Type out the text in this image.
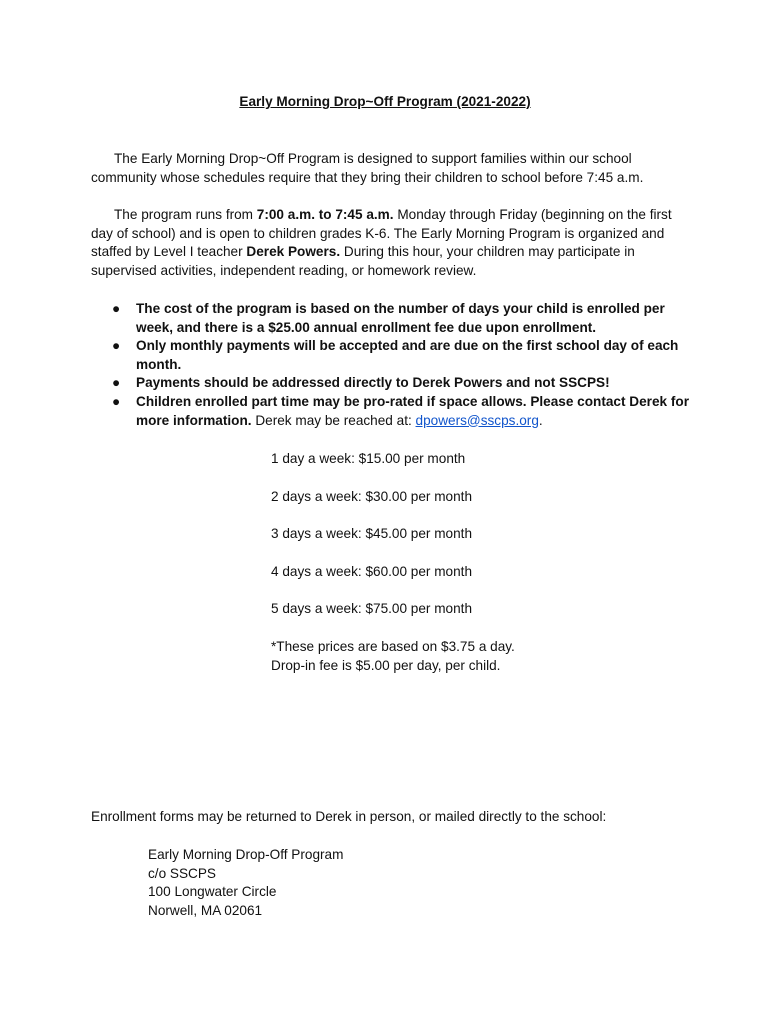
Early Morning Drop~Off Program (2021-2022)

The Early Morning Drop~Off Program is designed to support families within our school community whose schedules require that they bring their children to school before 7:45 a.m.

The program runs from 7:00 a.m. to 7:45 a.m. Monday through Friday (beginning on the first day of school) and is open to children grades K-6. The Early Morning Program is organized and staffed by Level I teacher Derek Powers. During this hour, your children may participate in supervised activities, independent reading, or homework review.

● The cost of the program is based on the number of days your child is enrolled per week, and there is a $25.00 annual enrollment fee due upon enrollment.
● Only monthly payments will be accepted and are due on the first school day of each month.
● Payments should be addressed directly to Derek Powers and not SSCPS!
● Children enrolled part time may be pro-rated if space allows. Please contact Derek for more information. Derek may be reached at: dpowers@sscps.org.
1 day a week: $15.00 per month
2 days a week: $30.00 per month
3 days a week: $45.00 per month
4 days a week: $60.00 per month
5 days a week: $75.00 per month
*These prices are based on $3.75 a day.
Drop-in fee is $5.00 per day, per child.
Enrollment forms may be returned to Derek in person, or mailed directly to the school:
Early Morning Drop-Off Program
c/o SSCPS
100 Longwater Circle
Norwell, MA 02061
